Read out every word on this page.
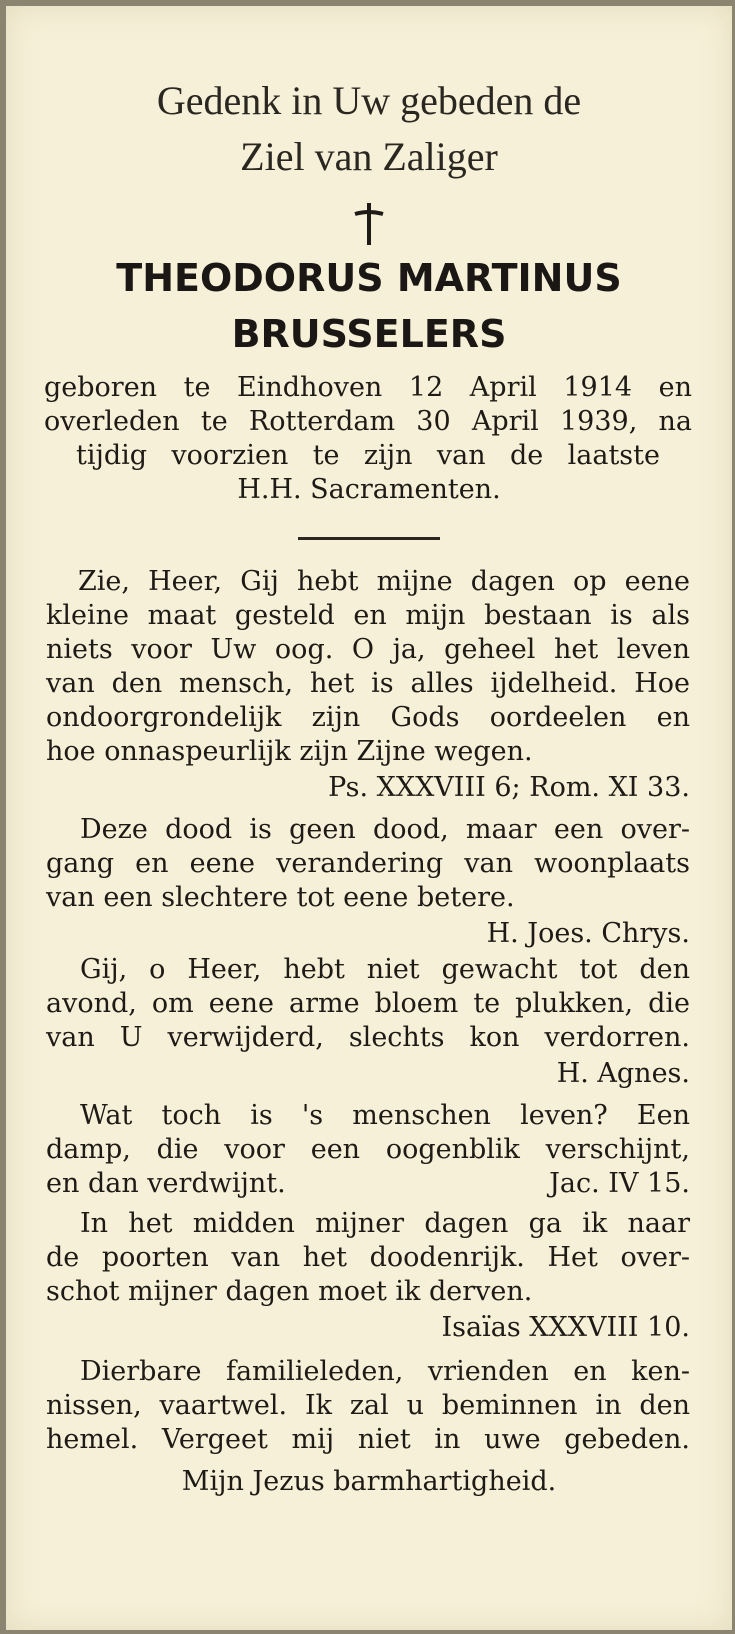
Gedenk in Uw gebeden de
Ziel van Zaliger
THEODORUS MARTINUS
BRUSSELERS
geboren te Eindhoven 12 April 1914 en
overleden te Rotterdam 30 April 1939, na
tijdig voorzien te zijn van de laatste
H.H. Sacramenten.
Zie, Heer, Gij hebt mijne dagen op eene
kleine maat gesteld en mijn bestaan is als
niets voor Uw oog. O ja, geheel het leven
van den mensch, het is alles ijdelheid. Hoe
ondoorgrondelijk zijn Gods oordeelen en
hoe onnaspeurlijk zijn Zijne wegen.
Ps. XXXVIII 6; Rom. XI 33.
Deze dood is geen dood, maar een over-
gang en eene verandering van woonplaats
van een slechtere tot eene betere.
H. Joes. Chrys.
Gij, o Heer, hebt niet gewacht tot den
avond, om eene arme bloem te plukken, die
van U verwijderd, slechts kon verdorren.
H. Agnes.
Wat toch is 's menschen leven? Een
damp, die voor een oogenblik verschijnt,
en dan verdwijnt.	Jac. IV 15.
In het midden mijner dagen ga ik naar
de poorten van het doodenrijk. Het over-
schot mijner dagen moet ik derven.
Isaïas XXXVIII 10.
Dierbare familieleden, vrienden en ken-
nissen, vaartwel. Ik zal u beminnen in den
hemel. Vergeet mij niet in uwe gebeden.
Mijn Jezus barmhartigheid.
